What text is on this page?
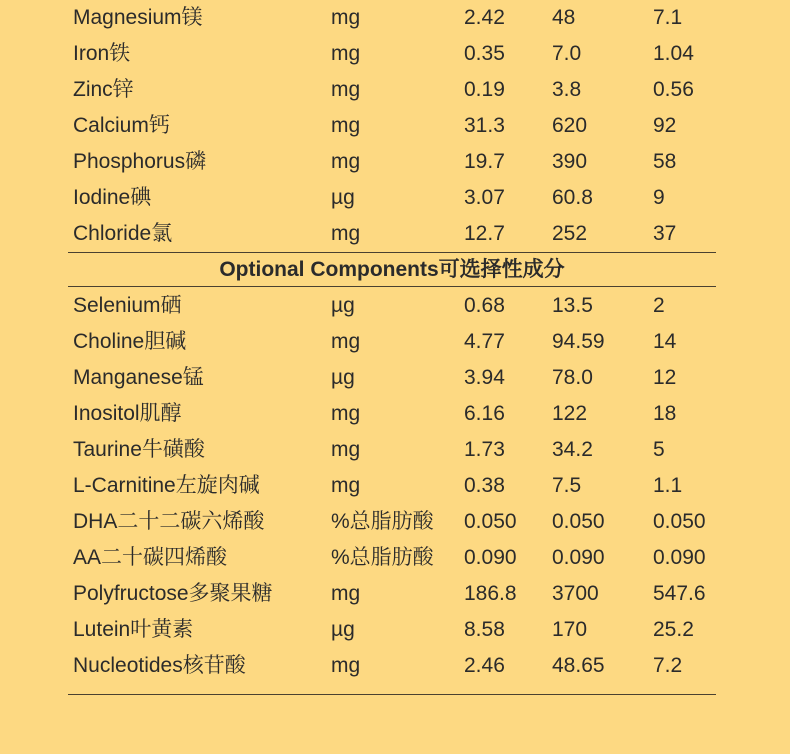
Magnesium镁	mg	2.42 48	7.1
Iron铁	mg	0.35 7.0	1.04
Zinc锌	mg	0.19 3.8	0.56
Calcium钙	mg	31.3 620	92
Phosphorus磷	mg	19.7 390	58
Iodine碘	µg	3.07 60.8	9
Chloride氯	mg	12.7 252	37
Optional Components可选择性成分
Selenium硒	µg	0.68 13.5	2
Choline胆碱	mg	4.77 94.59 14
Manganese锰	µg	3.94 78.0	12
Inositol肌醇	mg	6.16 122	18
Taurine牛磺酸	mg	1.73 34.2	5
L-Carnitine左旋肉碱	mg	0.38 7.5	1.1
DHA二十二碳六烯酸	%总脂肪酸 0.050 0.050 0.050
AA二十碳四烯酸	%总脂肪酸 0.090 0.090 0.090
Polyfructose多聚果糖	mg	186.8 3700	547.6
Lutein叶黄素	µg	8.58 170	25.2
Nucleotides核苷酸	mg	2.46 48.65 7.2
